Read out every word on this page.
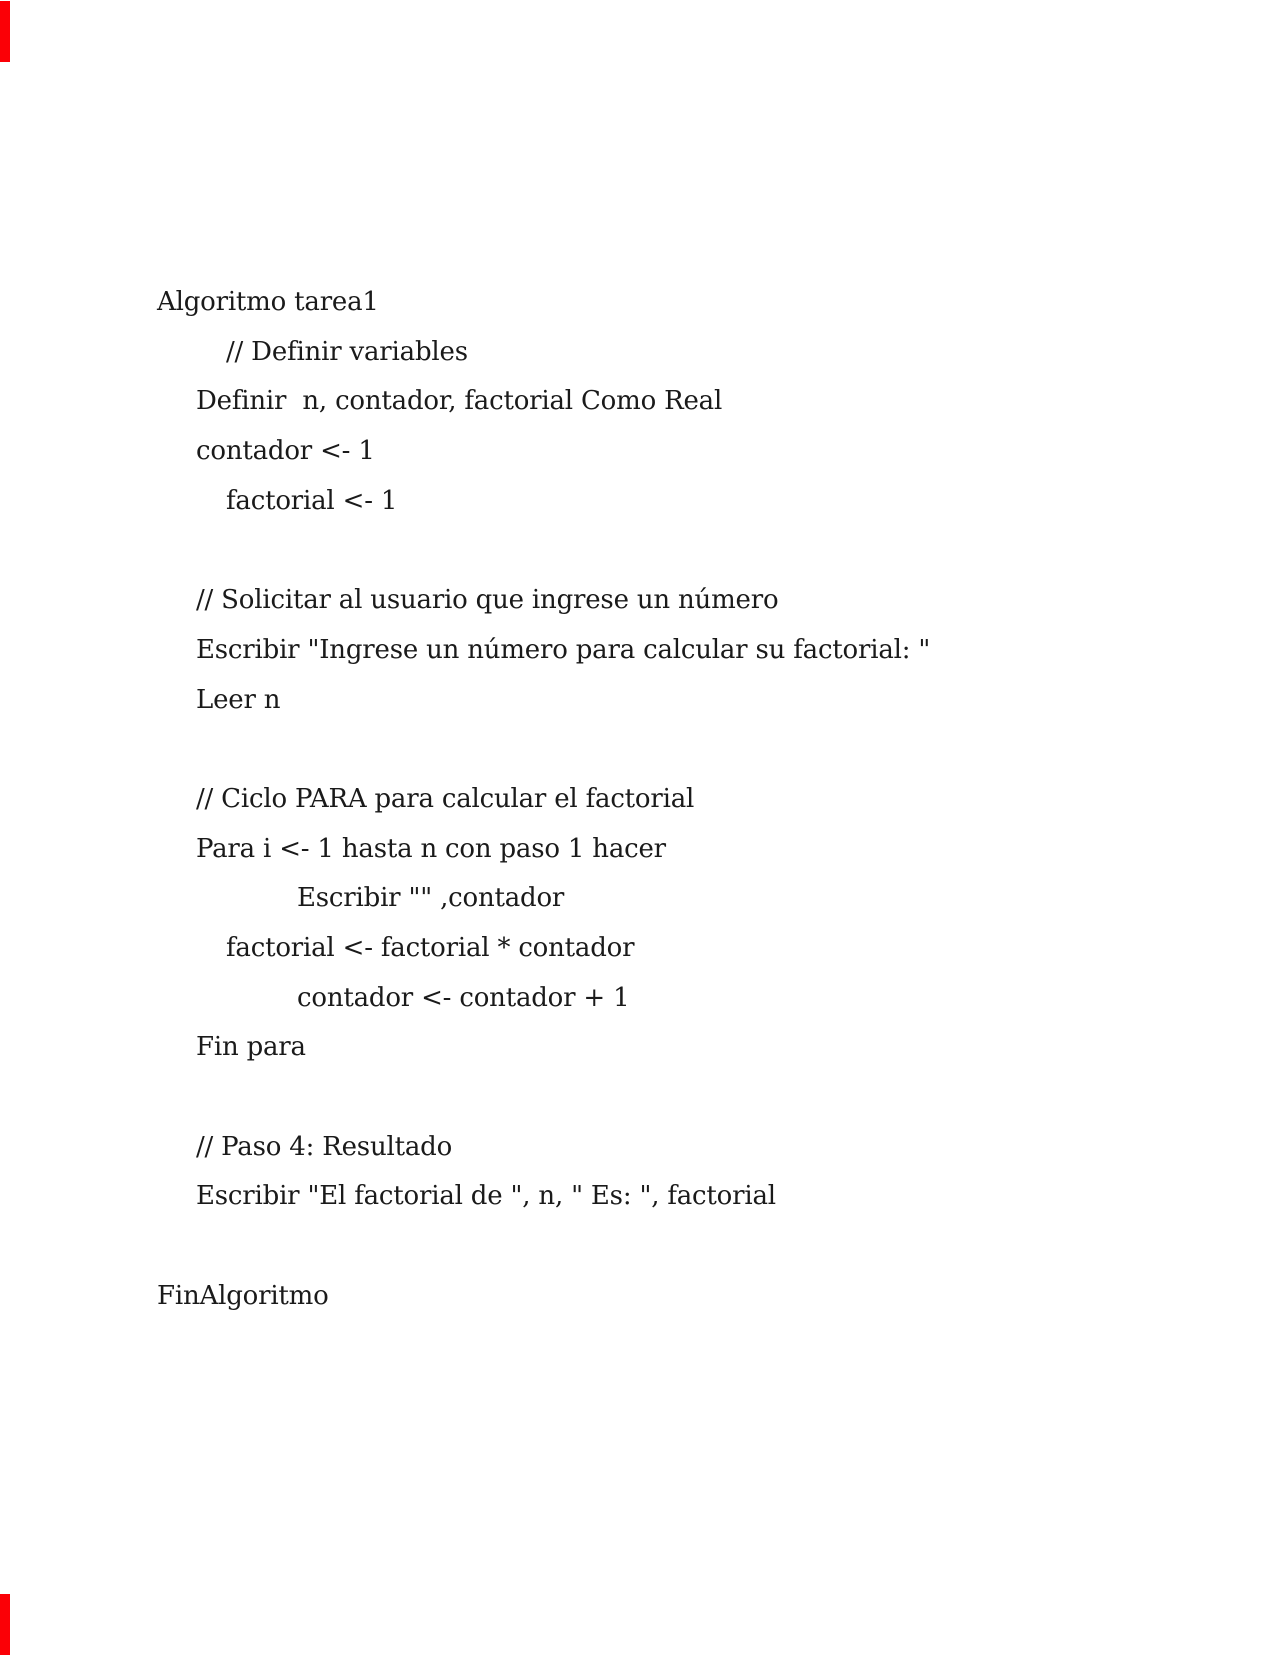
Algoritmo tarea1
// Definir variables
Definir  n, contador, factorial Como Real
contador <- 1
factorial <- 1
// Solicitar al usuario que ingrese un número
Escribir "Ingrese un número para calcular su factorial: "
Leer n
// Ciclo PARA para calcular el factorial
Para i <- 1 hasta n con paso 1 hacer
Escribir "" ,contador
factorial <- factorial * contador
contador <- contador + 1
Fin para
// Paso 4: Resultado
Escribir "El factorial de ", n, " Es: ", factorial
FinAlgoritmo
